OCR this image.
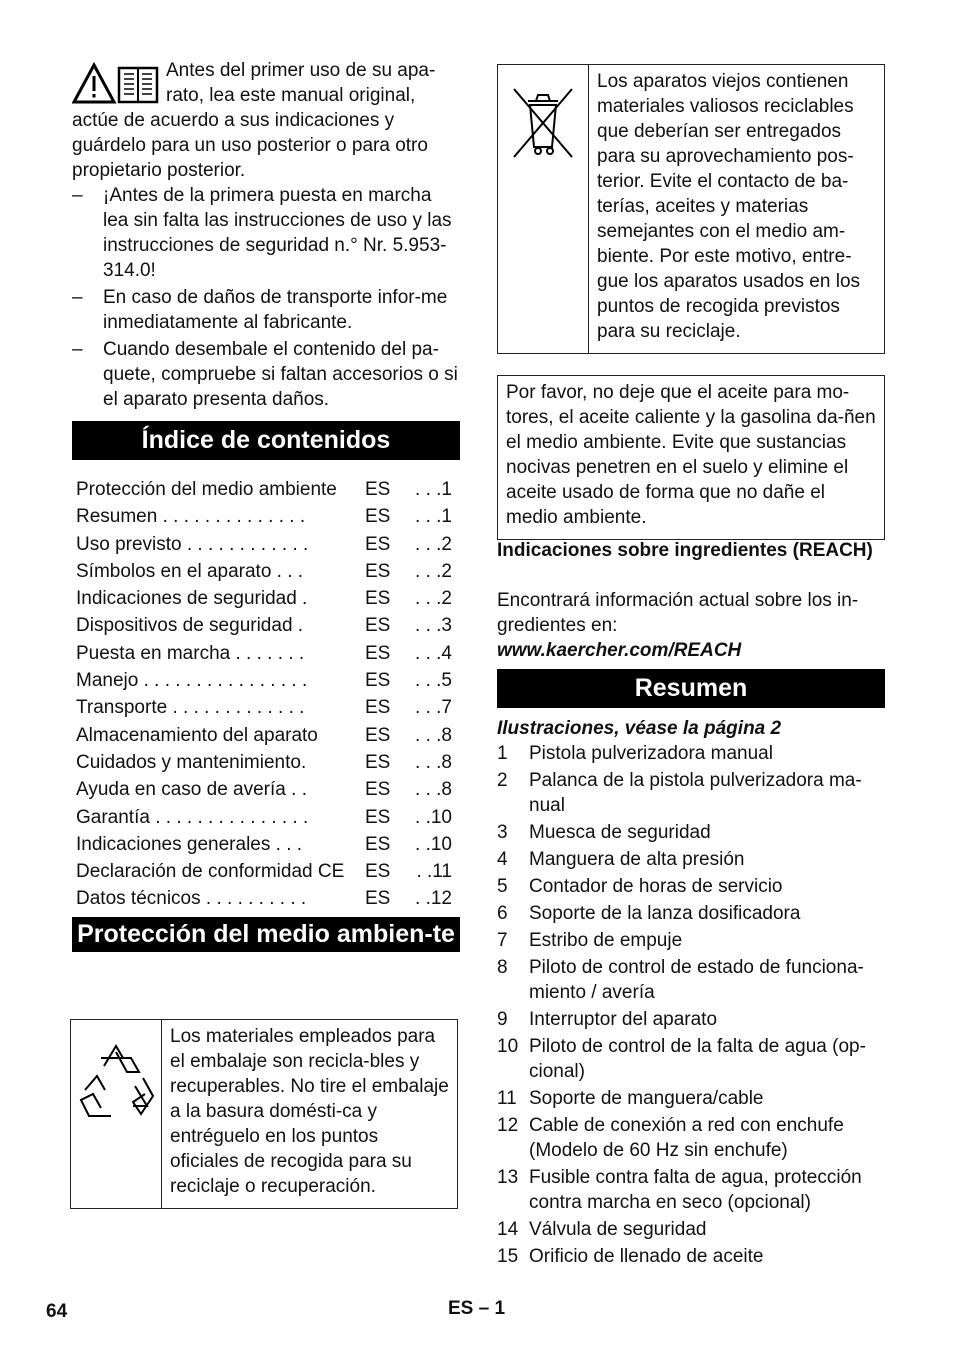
Antes del primer uso de su apa-rato, lea este manual original, actúe de acuerdo a sus indicaciones y guárdelo para un uso posterior o para otro propietario posterior.

–	¡Antes de la primera puesta en marcha lea sin falta las instrucciones de uso y las instrucciones de seguridad n.° Nr. 5.953-314.0!
–	En caso de daños de transporte infor-me inmediatamente al fabricante.
–	Cuando desembale el contenido del pa-quete, compruebe si faltan accesorios o si el aparato presenta daños.
Índice de contenidos
Protección del medio ambiente	ES	. . .1
Resumen . . . . . . . . . . . . . .	ES	. . .1
Uso previsto . . . . . . . . . . . .	ES	. . .2
Símbolos en el aparato . . .	ES	. . .2
Indicaciones de seguridad .	ES	. . .2
Dispositivos de seguridad .	ES	. . .3
Puesta en marcha . . . . . . .	ES	. . .4
Manejo . . . . . . . . . . . . . . . .	ES	. . .5
Transporte . . . . . . . . . . . . .	ES	. . .7
Almacenamiento del aparato	ES	. . .8
Cuidados y mantenimiento.	ES	. . .8
Ayuda en caso de avería . .	ES	. . .8
Garantía . . . . . . . . . . . . . . .	ES	. .10
Indicaciones generales . . .	ES	. .10
Declaración de conformidad CE	ES	. .11
Datos técnicos . . . . . . . . . .	ES	. .12
Protección del medio ambien-te
Los materiales empleados para el embalaje son recicla-bles y recuperables. No tire el embalaje a la basura domésti-ca y entréguelo en los puntos oficiales de recogida para su reciclaje o recuperación.
Los aparatos viejos contienen materiales valiosos reciclables que deberían ser entregados para su aprovechamiento pos-terior. Evite el contacto de ba-terías, aceites y materias semejantes con el medio am-biente. Por este motivo, entre-gue los aparatos usados en los puntos de recogida previstos para su reciclaje.
Por favor, no deje que el aceite para mo-tores, el aceite caliente y la gasolina da-ñen el medio ambiente. Evite que sustancias nocivas penetren en el suelo y elimine el aceite usado de forma que no dañe el medio ambiente.

Indicaciones sobre ingredientes (REACH)

Encontrará información actual sobre los in-gredientes en:

www.kaercher.com/REACH

Resumen

Ilustraciones, véase la página 2

1	Pistola pulverizadora manual
2	Palanca de la pistola pulverizadora ma-nual
3	Muesca de seguridad
4	Manguera de alta presión
5	Contador de horas de servicio
6	Soporte de la lanza dosificadora
7	Estribo de empuje
8	Piloto de control de estado de funciona-miento / avería
9	Interruptor del aparato
10 Piloto de control de la falta de agua (op-cional)
11 Soporte de manguera/cable
12 Cable de conexión a red con enchufe (Modelo de 60 Hz sin enchufe)
13 Fusible contra falta de agua, protección contra marcha en seco (opcional)
14 Válvula de seguridad
15 Orificio de llenado de aceite
64	ES – 1
